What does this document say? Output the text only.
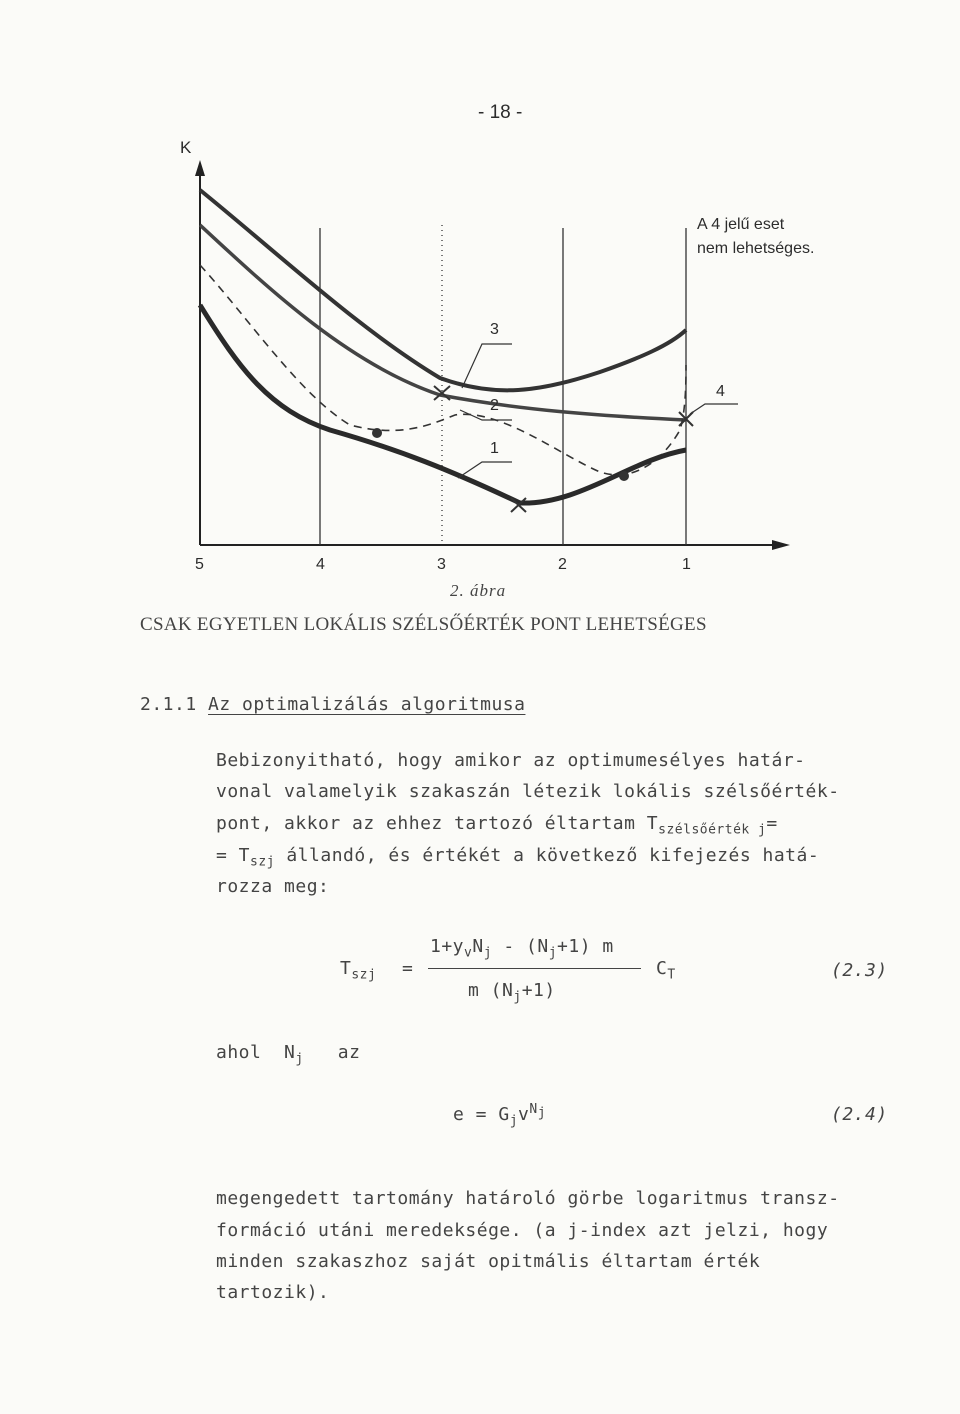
- 18 -
K
5	4	3	2	1
A 4 jelű eset
nem lehetséges.
3
2
1
4
2. ábra
CSAK EGYETLEN LOKÁLIS SZÉLSŐÉRTÉK PONT LEHETSÉGES
2.1.1 Az optimalizálás algoritmusa
Bebizonyitható, hogy amikor az optimumesélyes határ-
vonal valamelyik szakaszán létezik lokális szélsőérték-
pont, akkor az ehhez tartozó éltartam $T_{szélsőérték j}=$
= $T_{szj}$ állandó, és értékét a következő kifejezés hatá-
rozza meg:
$T_{szj}$ =
$1+y_vN_j - (N_j+1)$ m
m $(N_j+1)$
$C_T$	(2.3)
ahol $N_j$ az
$e = G_jv^{N_j}$	(2.4)
megengedett tartomány határoló görbe logaritmus transz-
formáció utáni meredeksége. (a j-index azt jelzi, hogy
minden szakaszhoz saját opitmális éltartam érték
tartozik).
